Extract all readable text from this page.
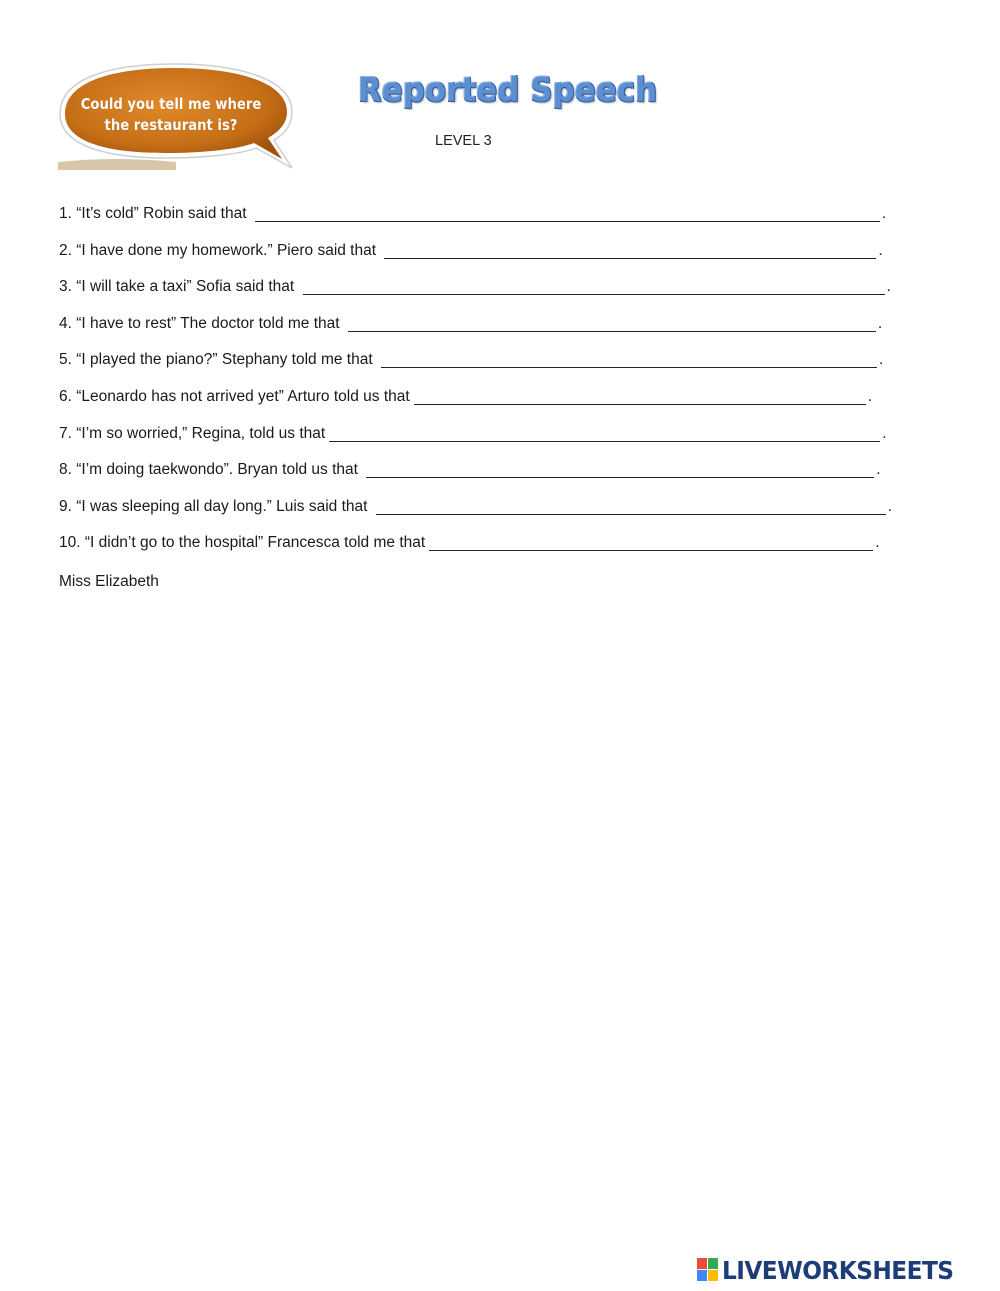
Could you tell me where
the restaurant is?
Reported Speech
LEVEL 3
1. “It’s cold” Robin said that	.
2. “I have done my homework.” Piero said that	.
3. “I will take a taxi” Sofia said that	.
4. “I have to rest” The doctor told me that	.
5. “I played the piano?” Stephany told me that	.
6. “Leonardo has not arrived yet” Arturo told us that	.
7. “I’m so worried,” Regina, told us that	.
8. “I’m doing taekwondo”. Bryan told us that	.
9. “I was sleeping all day long.” Luis said that	.
10. “I didn’t go to the hospital” Francesca told me that	.
Miss Elizabeth
LIVEWORKSHEETS
